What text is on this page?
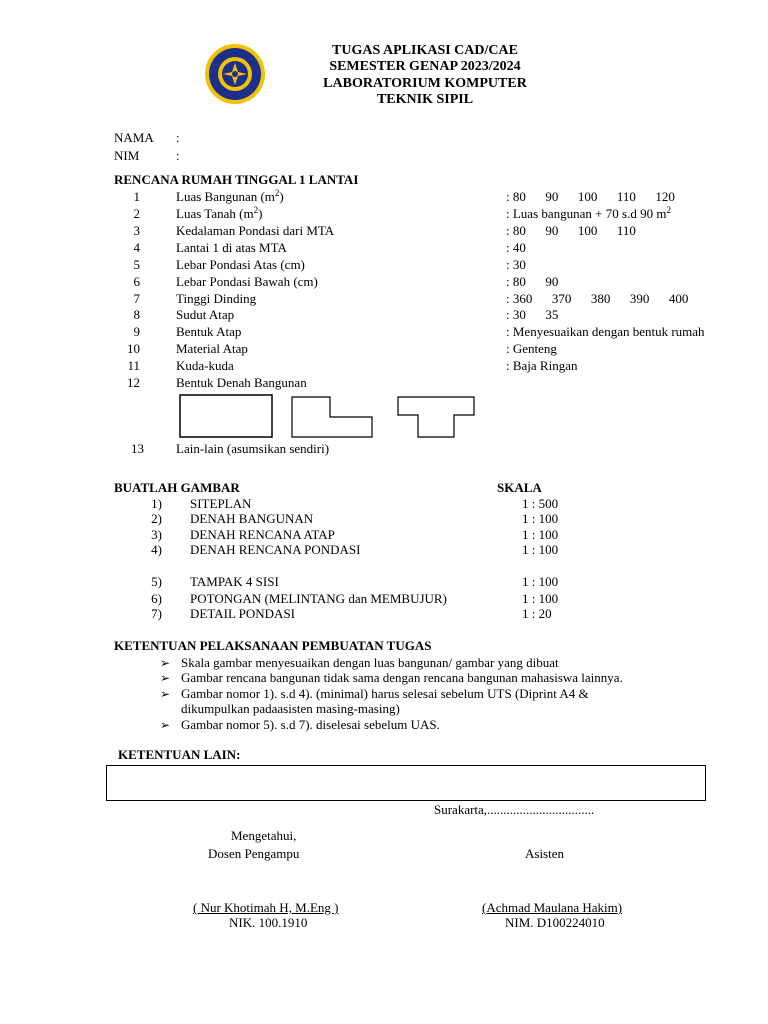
TUGAS APLIKASI CAD/CAE
SEMESTER GENAP 2023/2024
LABORATORIUM KOMPUTER
TEKNIK SIPIL
NAMA :
NIM	:
RENCANA RUMAH TINGGAL 1 LANTAI
1	Luas Bangunan $(m^2)$	: 80      90      100      110      120
2	Luas Tanah $(m^2)$	: Luas bangunan + 70 s.d 90 $m^2$
3	Kedalaman Pondasi dari MTA	: 80      90      100      110
4	Lantai 1 di atas MTA	: 40
5	Lebar Pondasi Atas (cm)	: 30
6	Lebar Pondasi Bawah (cm)	: 80      90
7	Tinggi Dinding	: 360      370      380      390      400
8	Sudut Atap	: 30      35
9	Bentuk Atap	: Menyesuaikan dengan bentuk rumah
10	Material Atap	: Genteng
11	Kuda-kuda	: Baja Ringan
12	Bentuk Denah Bangunan
13 Lain-lain (asumsikan sendiri)
BUATLAH GAMBAR	SKALA
1) SITEPLAN	1 : 500
2) DENAH BANGUNAN	1 : 100
3) DENAH RENCANA ATAP	1 : 100
4) DENAH RENCANA PONDASI	1 : 100
5) TAMPAK 4 SISI	1 : 100
6) POTONGAN (MELINTANG dan MEMBUJUR)	1 : 100
7) DETAIL PONDASI	1 : 20
KETENTUAN PELAKSANAAN PEMBUATAN TUGAS
➢ Skala gambar menyesuaikan dengan luas bangunan/ gambar yang dibuat
➢ Gambar rencana bangunan tidak sama dengan rencana bangunan mahasiswa lainnya.
➢ Gambar nomor 1). s.d 4). (minimal) harus selesai sebelum UTS (Diprint A4 &
dikumpulkan padaasisten masing-masing)
➢ Gambar nomor 5). s.d 7). diselesai sebelum UAS.
KETENTUAN LAIN:
Surakarta,.................................
Mengetahui,
Dosen Pengampu	Asisten
( Nur Khotimah H, M.Eng )
NIK. 100.1910
(Achmad Maulana Hakim)
NIM. D100224010
